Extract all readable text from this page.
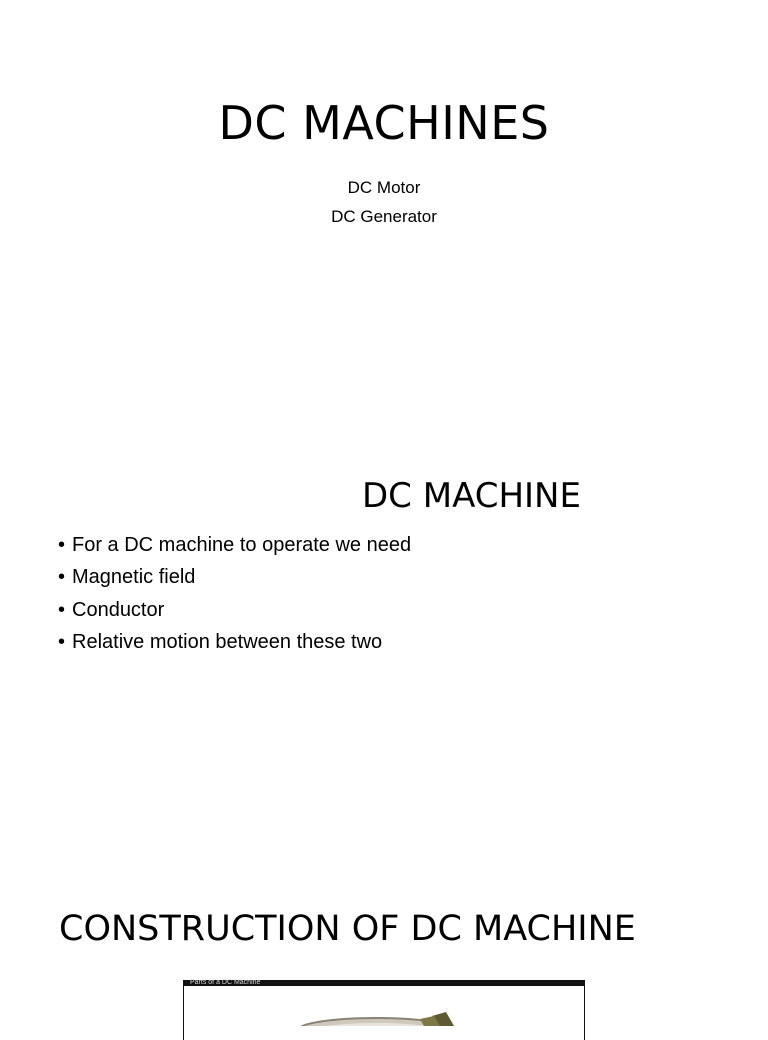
DC MACHINES
DC Motor
DC Generator
DC MACHINE
• For a DC machine to operate we need
• Magnetic field
• Conductor
• Relative motion between these two
CONSTRUCTION OF DC MACHINE
Parts of a DC Machine
